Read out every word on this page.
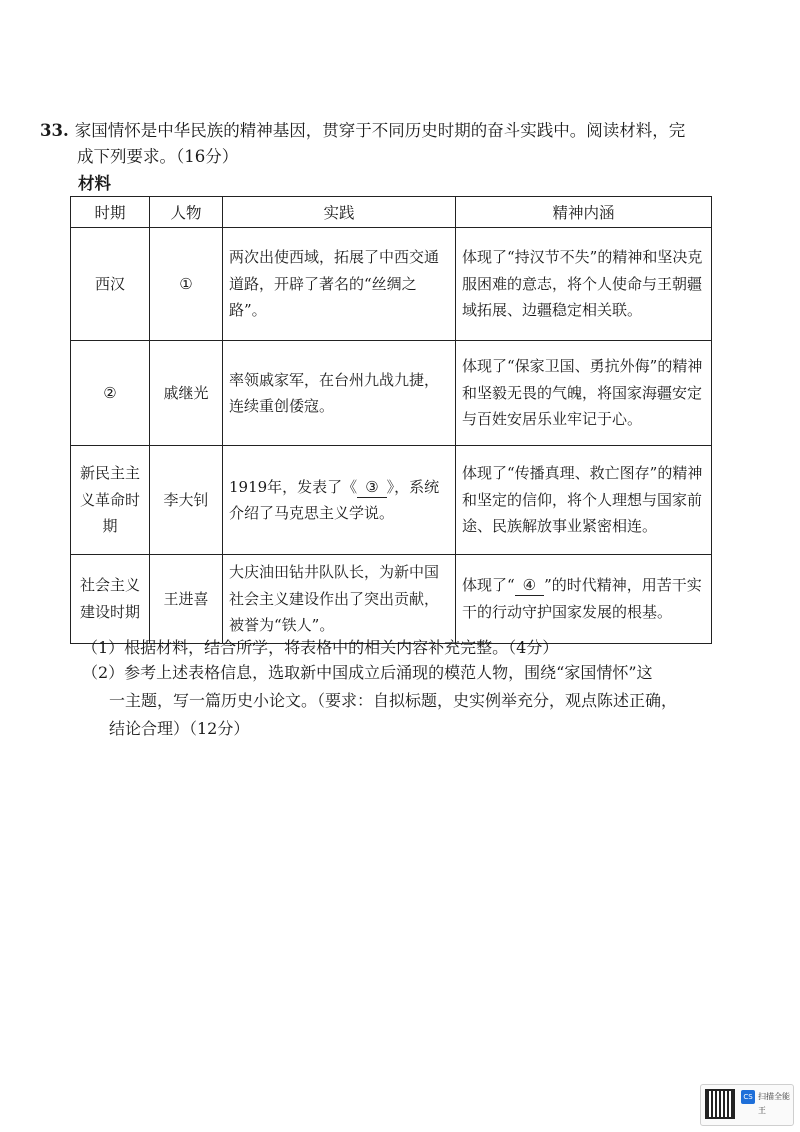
33. 家国情怀是中华民族的精神基因，贯穿于不同历史时期的奋斗实践中。阅读材料，完
成下列要求。（16分）
材料
时期	人物	实践	精神内涵
西汉	①	两次出使西域，拓展了中西交通道路，开辟了著名的“丝绸之路”。	体现了“持汉节不失”的精神和坚决克服困难的意志，将个人使命与王朝疆域拓展、边疆稳定相关联。
②	戚继光	率领戚家军，在台州九战九捷，连续重创倭寇。	体现了“保家卫国、勇抗外侮”的精神和坚毅无畏的气魄，将国家海疆安定与百姓安居乐业牢记于心。
新民主主义革命时期	李大钊	1919年，发表了《 ③ 》，系统介绍了马克思主义学说。	体现了“传播真理、救亡图存”的精神和坚定的信仰，将个人理想与国家前途、民族解放事业紧密相连。
社会主义建设时期	王进喜	大庆油田钻井队队长，为新中国社会主义建设作出了突出贡献，被誉为“铁人”。	体现了“ ④ ”的时代精神，用苦干实干的行动守护国家发展的根基。
（1）根据材料，结合所学，将表格中的相关内容补充完整。（4分）
（2）参考上述表格信息，选取新中国成立后涌现的模范人物，围绕“家国情怀”这
一主题，写一篇历史小论文。（要求：自拟标题，史实例举充分，观点陈述正确，
结论合理）（12分）
CS 扫描全能王
